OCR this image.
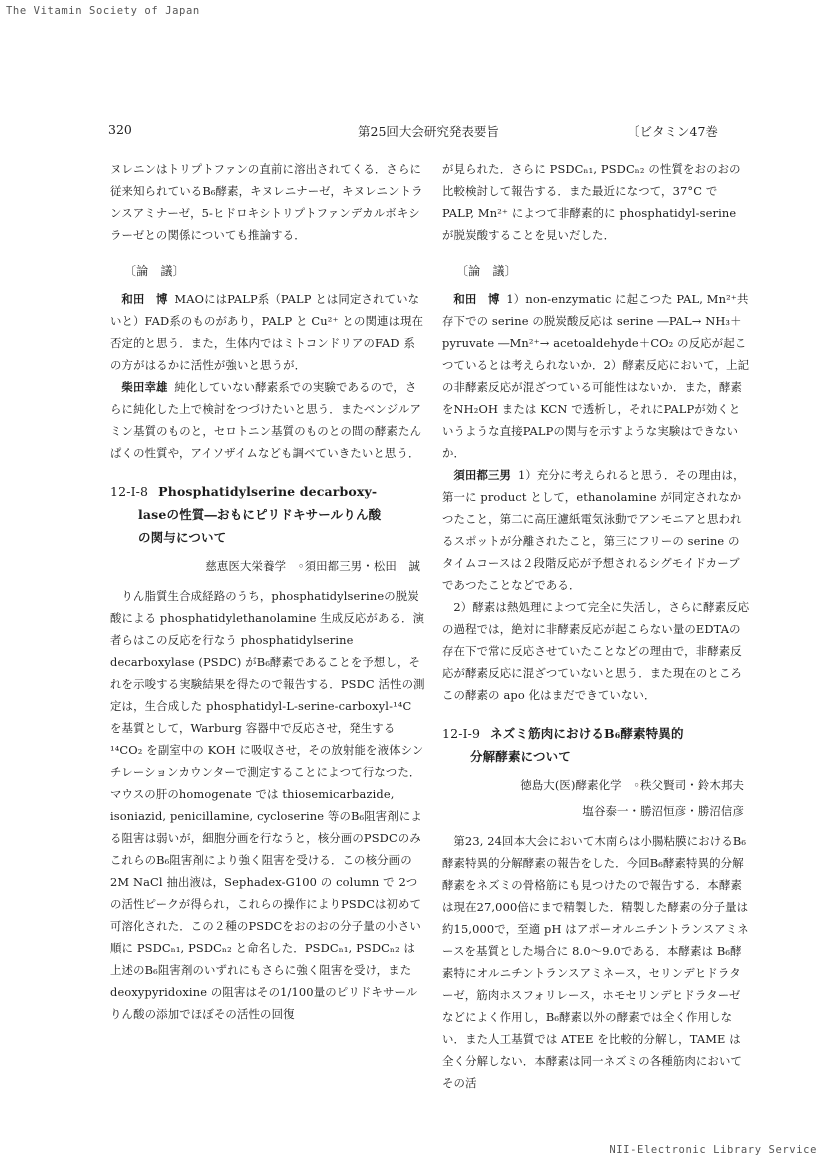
The Vitamin Society of Japan
320	第25回大会研究発表要旨	〔ビタミン47巻

ヌレニンはトリプトファンの直前に溶出されてくる．さらに従来知られているB₆酵素，キヌレニナーゼ，キヌレニントランスアミナーゼ，5-ヒドロキシトリプトファンデカルボキシラーゼとの関係についても推論する．

〔論　議〕

和田　博 MAOにはPALP系（PALP とは同定されていないと）FAD系のものがあり，PALP と Cu²⁺ との関連は現在否定的と思う．また，生体内ではミトコンドリアのFAD 系の方がはるかに活性が強いと思うが．

柴田幸雄 純化していない酵素系での実験であるので，さらに純化した上で検討をつづけたいと思う．またベンジルアミン基質のものと，セロトニン基質のものとの間の酵素たんぱくの性質や，アイソザイムなども調べていきたいと思う．

12-Ⅰ-8 Phosphatidylserine decarboxy-
laseの性質―おもにピリドキサールりん酸
の関与について

慈恵医大栄養学　◦須田都三男・松田　誠

りん脂質生合成経路のうち，phosphatidylserineの脱炭酸による phosphatidylethanolamine 生成反応がある．演者らはこの反応を行なう phosphatidylserine decarboxylase (PSDC) がB₆酵素であることを予想し，それを示唆する実験結果を得たので報告する．PSDC 活性の測定は，生合成した phosphatidyl-L-serine-carboxyl-¹⁴C を基質として，Warburg 容器中で反応させ，発生する ¹⁴CO₂ を副室中の KOH に吸収させ，その放射能を液体シンチレーションカウンターで測定することによつて行なつた．マウスの肝のhomogenate では thiosemicarbazide, isoniazid, penicillamine, cycloserine 等のB₆阻害剤による阻害は弱いが，細胞分画を行なうと，核分画のPSDCのみこれらのB₆阻害剤により強く阻害を受ける．この核分画の 2M NaCl 抽出液は，Sephadex-G100 の column で 2つの活性ピークが得られ，これらの操作によりPSDCは初めて可溶化された．この２種のPSDCをおのおの分子量の小さい順に PSDCₙ₁, PSDCₙ₂ と命名した．PSDCₙ₁, PSDCₙ₂ は上述のB₆阻害剤のいずれにもさらに強く阻害を受け，また deoxypyridoxine の阻害はその1/100量のピリドキサールりん酸の添加でほぼその活性の回復

が見られた．さらに PSDCₙ₁, PSDCₙ₂ の性質をおのおの比較検討して報告する．また最近になつて，37°C で PALP, Mn²⁺ によつて非酵素的に phosphatidyl-serine が脱炭酸することを見いだした．

〔論　議〕

和田　博 1）non-enzymatic に起こつた PAL, Mn²⁺共存下での serine の脱炭酸反応は serine ―PAL→ NH₃＋pyruvate ―Mn²⁺→ acetoaldehyde＋CO₂ の反応が起こつているとは考えられないか．2）酵素反応において，上記の非酵素反応が混ざつている可能性はないか．また，酵素をNH₂OH または KCN で透析し，それにPALPが効くというような直接PALPの関与を示すような実験はできないか．

須田都三男 1）充分に考えられると思う．その理由は，第一に product として，ethanolamine が同定されなかつたこと，第二に高圧濾紙電気泳動でアンモニアと思われるスポットが分離されたこと，第三にフリーの serine のタイムコースは２段階反応が予想されるシグモイドカーブであつたことなどである．

2）酵素は熱処理によつて完全に失活し，さらに酵素反応の過程では，絶対に非酵素反応が起こらない量のEDTAの存在下で常に反応させていたことなどの理由で，非酵素反応が酵素反応に混ざつていないと思う．また現在のところこの酵素の apo 化はまだできていない．

12-Ⅰ-9 ネズミ筋肉におけるB₆酵素特異的
分解酵素について

徳島大(医)酵素化学　◦秩父賢司・鈴木邦夫

塩谷泰一・勝沼恒彦・勝沼信彦

第23, 24回本大会において木南らは小腸粘膜におけるB₆酵素特異的分解酵素の報告をした．今回B₆酵素特異的分解酵素をネズミの骨格筋にも見つけたので報告する．本酵素は現在27,000倍にまで精製した．精製した酵素の分子量は約15,000で，至適 pH はアポーオルニチントランスアミネースを基質とした場合に 8.0〜9.0である．本酵素は B₆酵素特にオルニチントランスアミネース，セリンデヒドラターゼ，筋肉ホスフォリレース，ホモセリンデヒドラターゼなどによく作用し，B₆酵素以外の酵素では全く作用しない．また人工基質では ATEE を比較的分解し，TAME は全く分解しない．本酵素は同一ネズミの各種筋肉においてその活

NII-Electronic Library Service
